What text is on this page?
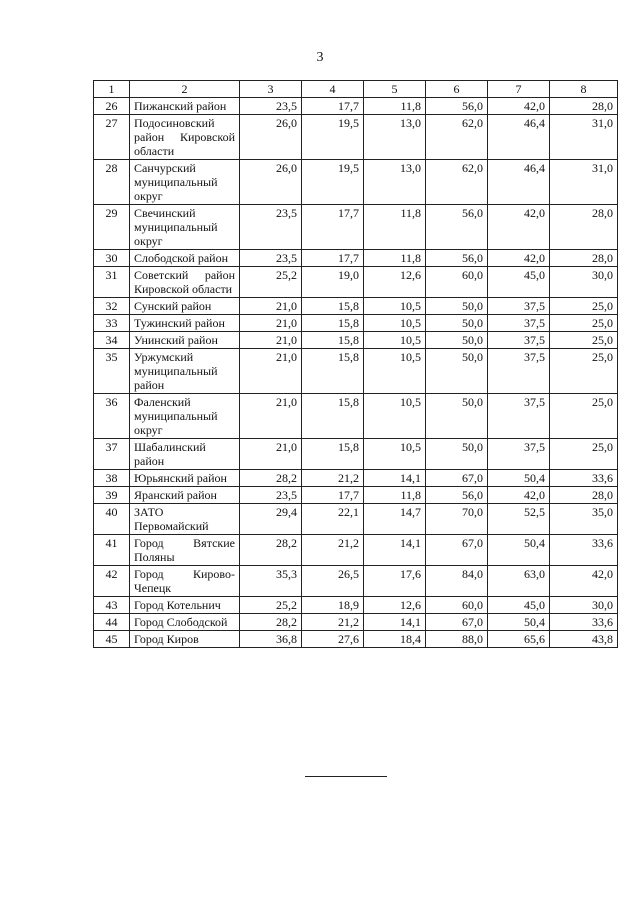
3
1	2	3	4	5	6	7	8
26	Пижанский район	23,5	17,7	11,8	56,0	42,0	28,0
27	Подосиновский район Кировской области	26,0	19,5	13,0	62,0	46,4	31,0
28	Санчурский муниципальный округ	26,0	19,5	13,0	62,0	46,4	31,0
29	Свечинский муниципальный округ	23,5	17,7	11,8	56,0	42,0	28,0
30	Слободской район	23,5	17,7	11,8	56,0	42,0	28,0
31	Советский район Кировской области	25,2	19,0	12,6	60,0	45,0	30,0
32	Сунский район	21,0	15,8	10,5	50,0	37,5	25,0
33	Тужинский район	21,0	15,8	10,5	50,0	37,5	25,0
34	Унинский район	21,0	15,8	10,5	50,0	37,5	25,0
35	Уржумский муниципальный район	21,0	15,8	10,5	50,0	37,5	25,0
36	Фаленский муниципальный округ	21,0	15,8	10,5	50,0	37,5	25,0
37	Шабалинский район	21,0	15,8	10,5	50,0	37,5	25,0
38	Юрьянский район	28,2	21,2	14,1	67,0	50,4	33,6
39	Яранский район	23,5	17,7	11,8	56,0	42,0	28,0
40	ЗАТО Первомайский	29,4	22,1	14,7	70,0	52,5	35,0
41	Город Вятские Поляны	28,2	21,2	14,1	67,0	50,4	33,6
42	Город Кирово-Чепецк	35,3	26,5	17,6	84,0	63,0	42,0
43	Город Котельнич	25,2	18,9	12,6	60,0	45,0	30,0
44	Город Слободской	28,2	21,2	14,1	67,0	50,4	33,6
45	Город Киров	36,8	27,6	18,4	88,0	65,6	43,8
